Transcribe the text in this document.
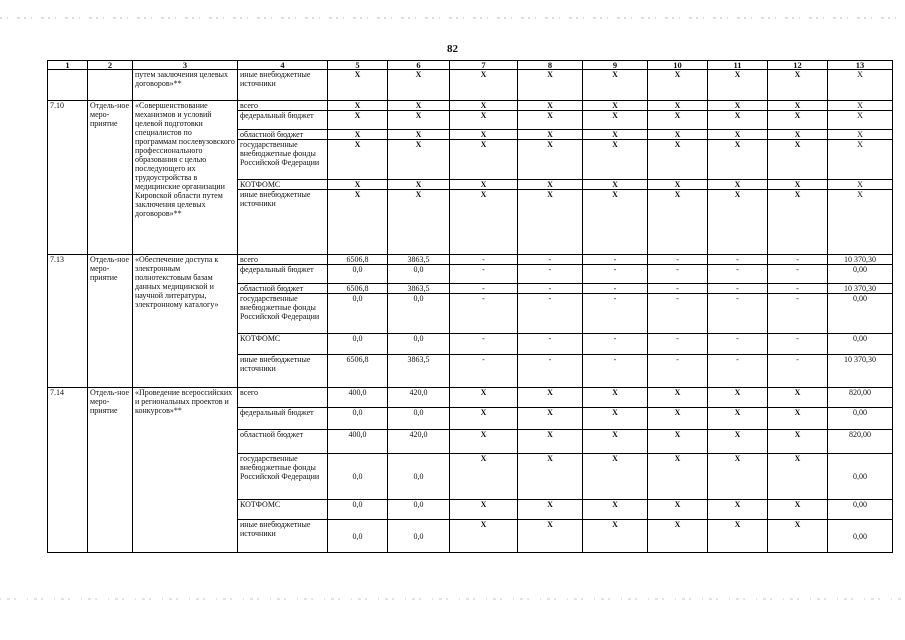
82
1	2	3	4	5	6	7	8	9	10	11	12	13
		путем заключения целевых договоров»**	иные внебюджетные источники	Х	Х	Х	Х	Х	Х	Х	Х	Х
7.10	Отдель-ное меро-приятие	«Совершенствование механизмов и условий целевой подготовки специалистов по программам послевузовского профессионального образования с целью последующего их трудоустройства в медицинские организации Кировской области путем заключения целевых договоров»**	всего	Х	Х	Х	Х	Х	Х	Х	Х	Х
			федеральный бюджет	Х	Х	Х	Х	Х	Х	Х	Х	Х
			областной бюджет	Х	Х	Х	Х	Х	Х	Х	Х	Х
			государственные внебюджетные фонды Российской Федерации	Х	Х	Х	Х	Х	Х	Х	Х	Х
			КОТФОМС	Х	Х	Х	Х	Х	Х	Х	Х	Х
			иные внебюджетные источники	Х	Х	Х	Х	Х	Х	Х	Х	Х
7.13	Отдель-ное меро-приятие	«Обеспечение доступа к электронным полнотекстовым базам данных медицинской и научной литературы, электронному каталогу»	всего	6506,8	3863,5	-	-	-	-	-	-	10 370,30
			федеральный бюджет	0,0	0,0	-	-	-	-	-	-	0,00
			областной бюджет	6506,8	3863,5	-	-	-	-	-	-	10 370,30
			государственные внебюджетные фонды Российской Федерации	0,0	0,0	-	-	-	-	-	-	0,00
			КОТФОМС	0,0	0,0	-	-	-	-	-	-	0,00
			иные внебюджетные источники	6506,8	3863,5	-	-	-	-	-	-	10 370,30
7.14	Отдель-ное меро-приятие	«Проведение всероссийских и региональных проектов и конкурсов»**	всего	400,0	420,0	Х	Х	Х	Х	Х	Х	820,00
			федеральный бюджет	0,0	0,0	Х	Х	Х	Х	Х	Х	0,00
			областной бюджет	400,0	420,0	Х	Х	Х	Х	Х	Х	820,00
			государственные внебюджетные фонды Российской Федерации	0,0	0,0	Х	Х	Х	Х	Х	Х	0,00
			КОТФОМС	0,0	0,0	Х	Х	Х	Х	Х	Х	0,00
			иные внебюджетные источники	0,0	0,0	Х	Х	Х	Х	Х	Х	0,00
